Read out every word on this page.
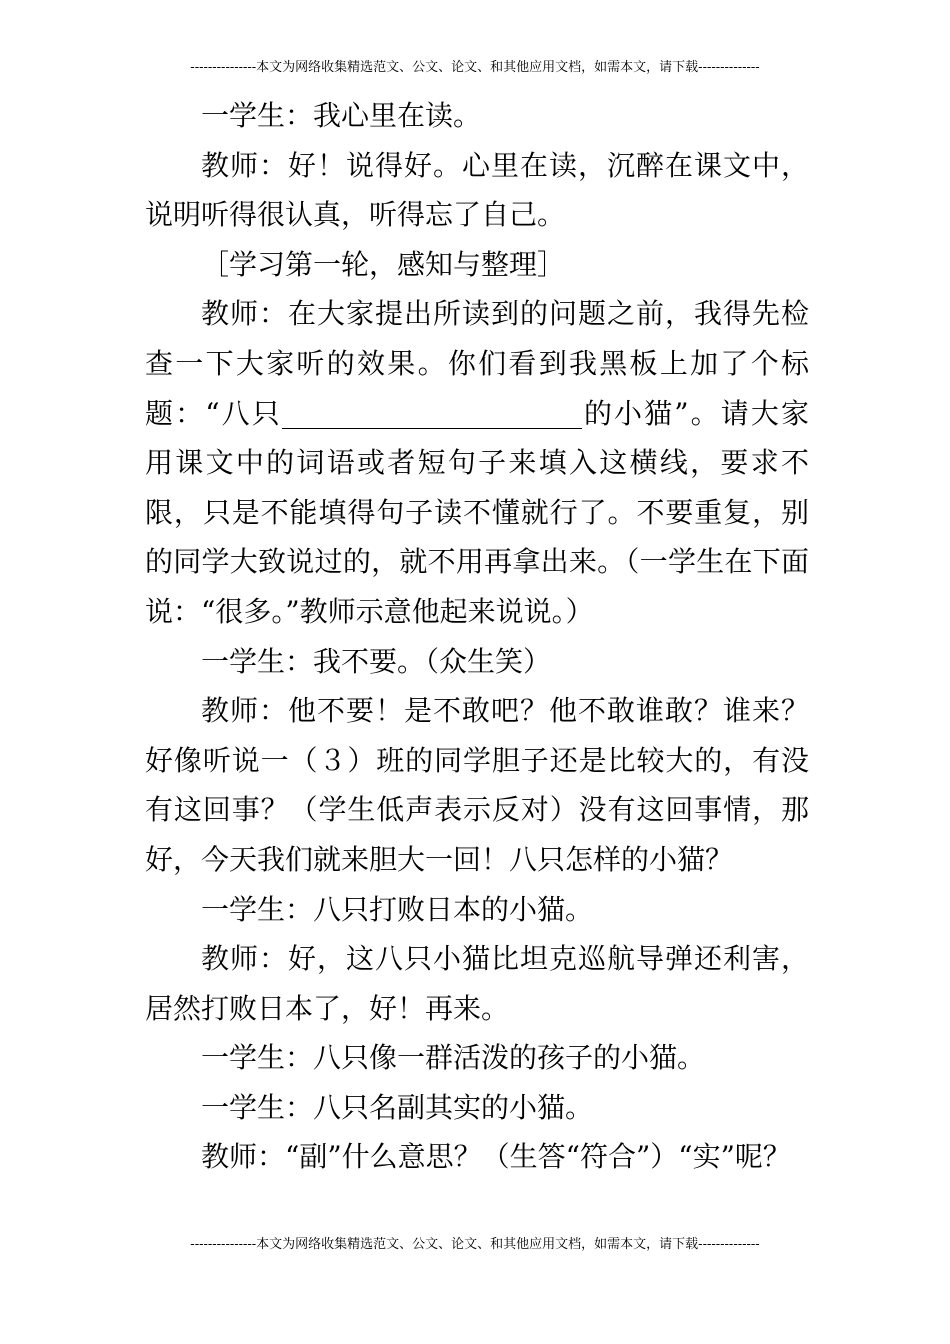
---------------本文为网络收集精选范文、公文、论文、和其他应用文档，如需本文，请下载--------------

一学生：我心里在读。

教师：好！说得好。心里在读，沉醉在课文中，说明听得很认真，听得忘了自己。

［学习第一轮，感知与整理］

教师：在大家提出所读到的问题之前，我得先检查一下大家听的效果。你们看到我黑板上加了个标题：“八只	的小猫”。请大家用课文中的词语或者短句子来填入这横线，要求不限，只是不能填得句子读不懂就行了。不要重复，别的同学大致说过的，就不用再拿出来。（一学生在下面说：“很多。”教师示意他起来说说。）

一学生：我不要。（众生笑）

教师：他不要！是不敢吧？他不敢谁敢？谁来？好像听说一（３）班的同学胆子还是比较大的，有没有这回事？（学生低声表示反对）没有这回事情，那好，今天我们就来胆大一回！八只怎样的小猫？

一学生：八只打败日本的小猫。

教师：好，这八只小猫比坦克巡航导弹还利害，居然打败日本了，好！再来。

一学生：八只像一群活泼的孩子的小猫。

一学生：八只名副其实的小猫。

教师：“副”什么意思？（生答“符合”）“实”呢？

---------------本文为网络收集精选范文、公文、论文、和其他应用文档，如需本文，请下载--------------
